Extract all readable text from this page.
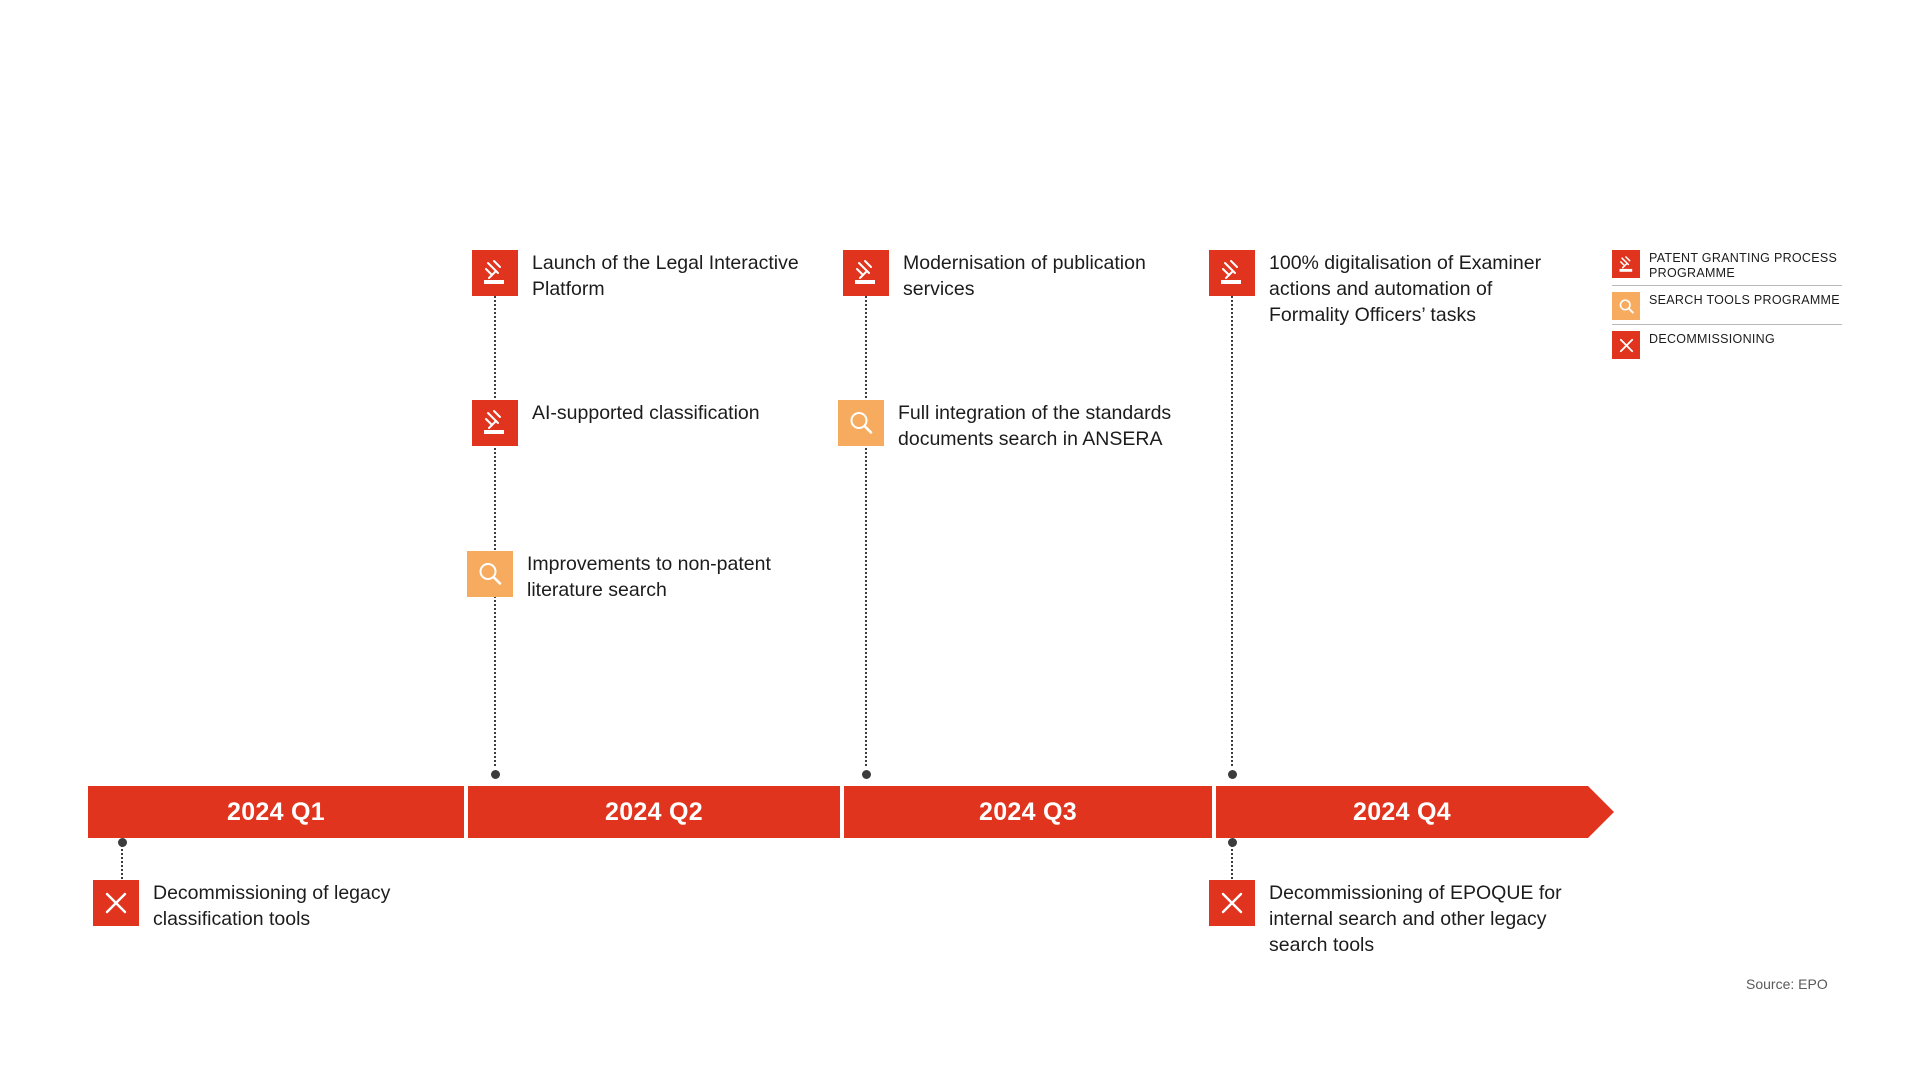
Launch of the Legal Interactive Platform
AI-supported classification
Improvements to non-patent literature search
Modernisation of publication services
Full integration of the standards documents search in ANSERA
100% digitalisation of Examiner actions and automation of Formality Officers’ tasks
2024 Q1	2024 Q2	2024 Q3	2024 Q4
Decommissioning of legacy classification tools
Decommissioning of EPOQUE for internal search and other legacy search tools
PATENT GRANTING PROCESS PROGRAMME
SEARCH TOOLS PROGRAMME
DECOMMISSIONING
Source: EPO
